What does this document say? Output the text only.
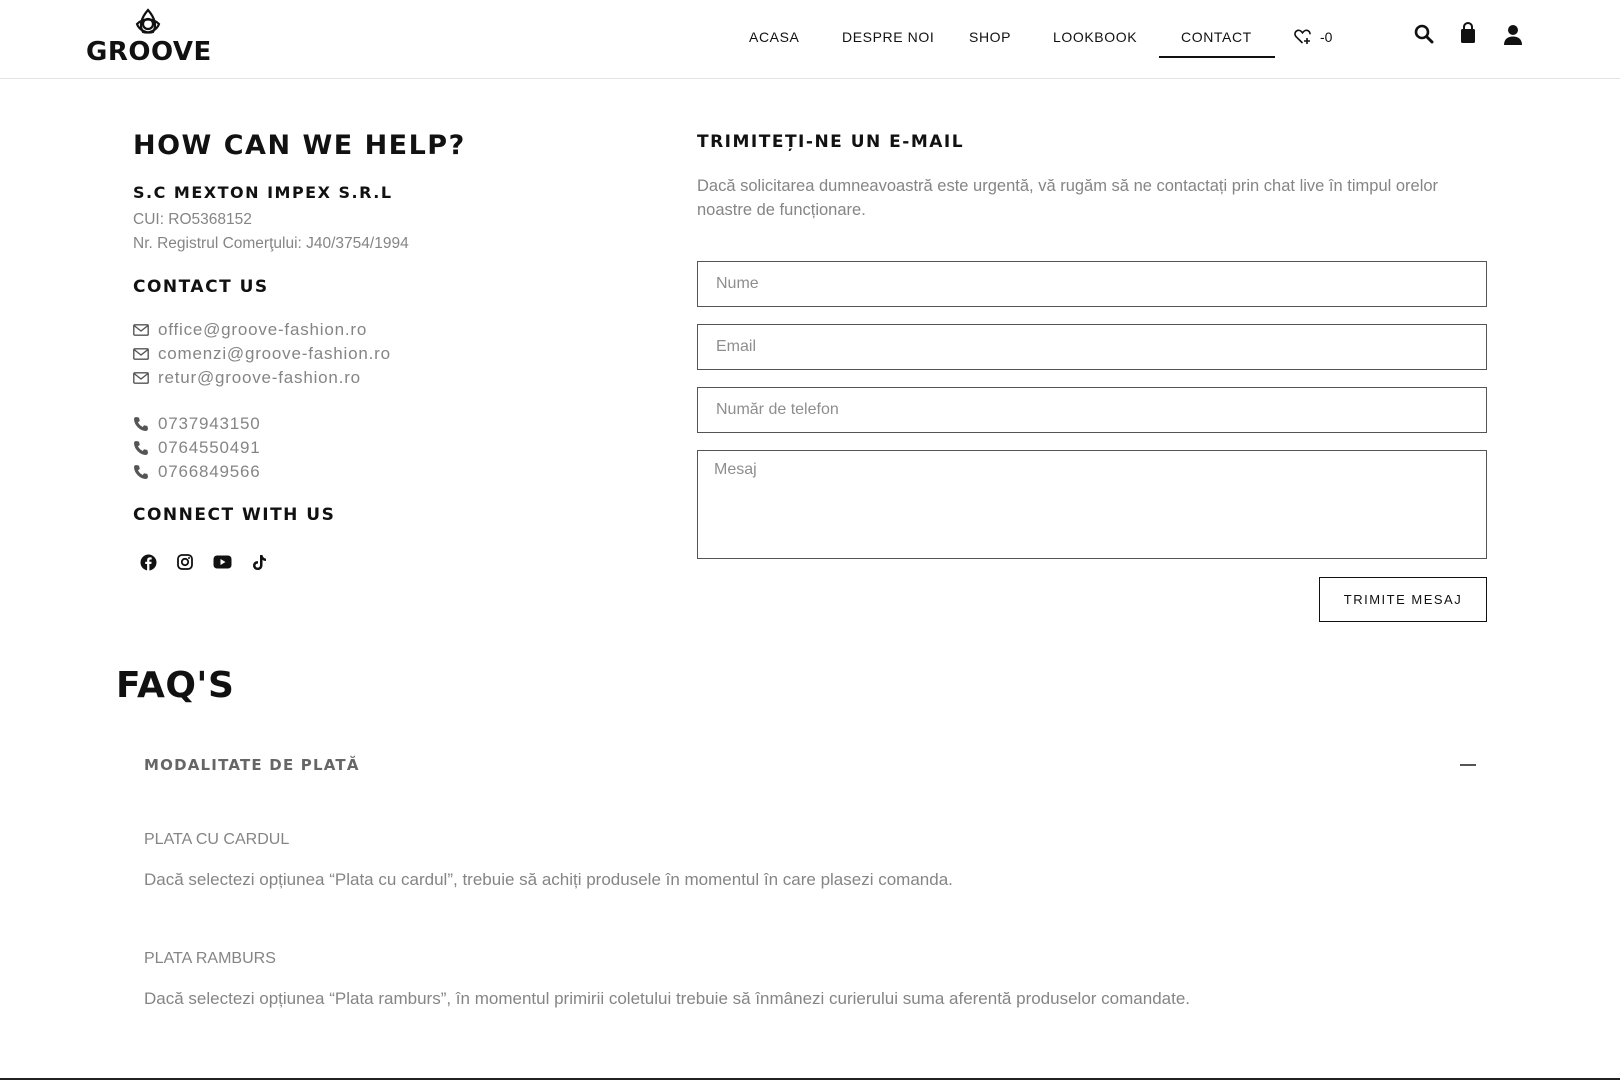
GROOVE	ACASA	DESPRE NOI SHOP	LOOKBOOK	CONTACT	-0
HOW CAN WE HELP?
S.C MEXTON IMPEX S.R.L
CUI: RO5368152
Nr. Registrul Comerţului: J40/3754/1994
CONTACT US
office@groove-fashion.ro
comenzi@groove-fashion.ro
retur@groove-fashion.ro
0737943150
0764550491
0766849566
CONNECT WITH US
TRIMITEȚI-NE UN E-MAIL
Dacă solicitarea dumneavoastră este urgentă, vă rugăm să ne contactați prin chat live în timpul orelor noastre de funcționare.
Nume
Email
Număr de telefon
Mesaj
TRIMITE MESAJ
FAQ'S
MODALITATE DE PLATĂ
PLATA CU CARDUL
Dacă selectezi opțiunea “Plata cu cardul”, trebuie să achiți produsele în momentul în care plasezi comanda.
PLATA RAMBURS
Dacă selectezi opțiunea “Plata ramburs”, în momentul primirii coletului trebuie să înmânezi curierului suma aferentă produselor comandate.
